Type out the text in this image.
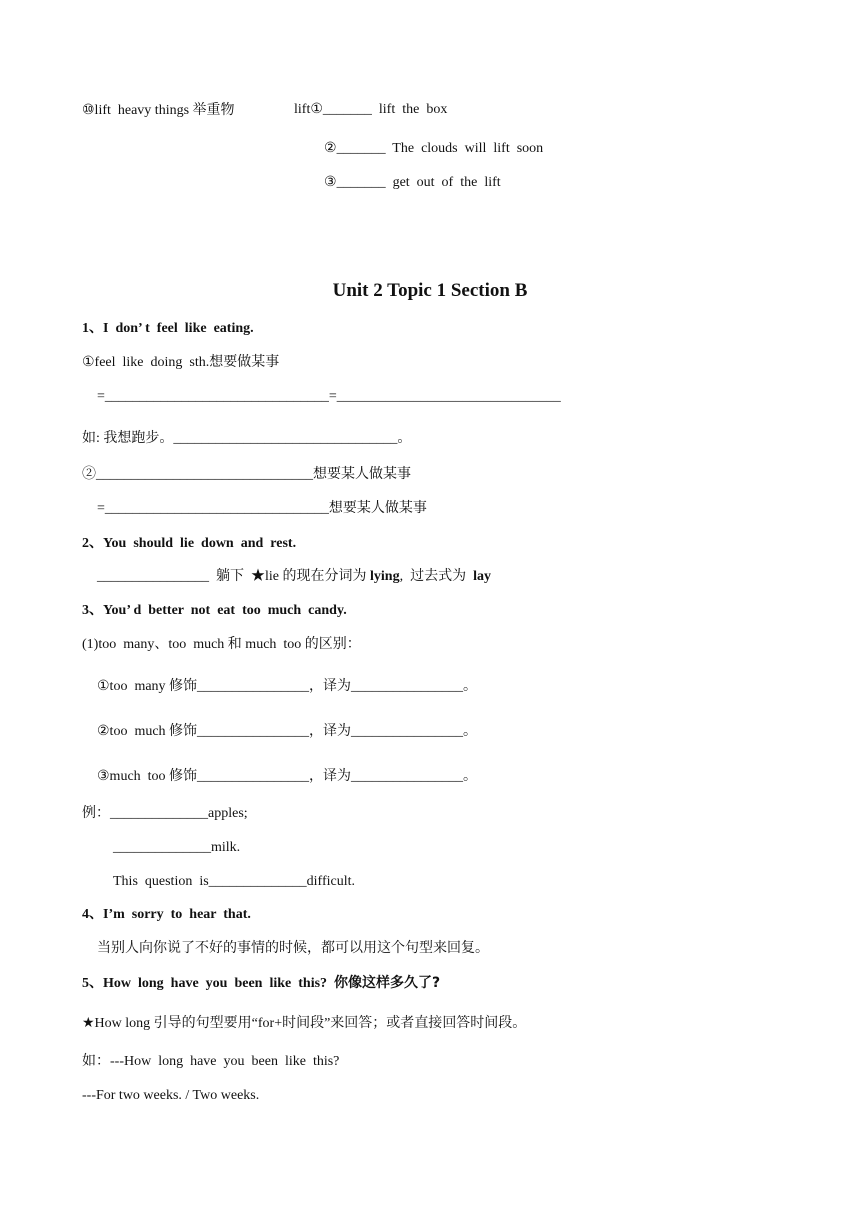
⑩lift  heavy things 举重物	lift①_______  lift  the  box
②_______  The  clouds  will  lift  soon
③_______  get  out  of  the  lift
Unit 2 Topic 1 Section B
1、I  don’ t  feel  like  eating.
①feel  like  doing  sth.想要做某事
=________________________________=________________________________
如: 我想跑步。________________________________。
②_______________________________想要某人做某事
=________________________________想要某人做某事
2、You  should  lie  down  and  rest.
________________  躺下  ★lie 的现在分词为 lying,  过去式为  lay
3、You’ d  better  not  eat  too  much  candy.
(1)too  many、too  much 和 much  too 的区别：
①too  many 修饰________________，译为________________。
②too  much 修饰________________，译为________________。
③much  too 修饰________________，译为________________。
例：______________apples;
______________milk.
This  question  is______________difficult.
4、I’m  sorry  to  hear  that.
当别人向你说了不好的事情的时候，都可以用这个句型来回复。
5、How  long  have  you  been  like  this?  你像这样多久了?
★How long 引导的句型要用“for+时间段”来回答；或者直接回答时间段。
如：---How  long  have  you  been  like  this?
---For two weeks. / Two weeks.
